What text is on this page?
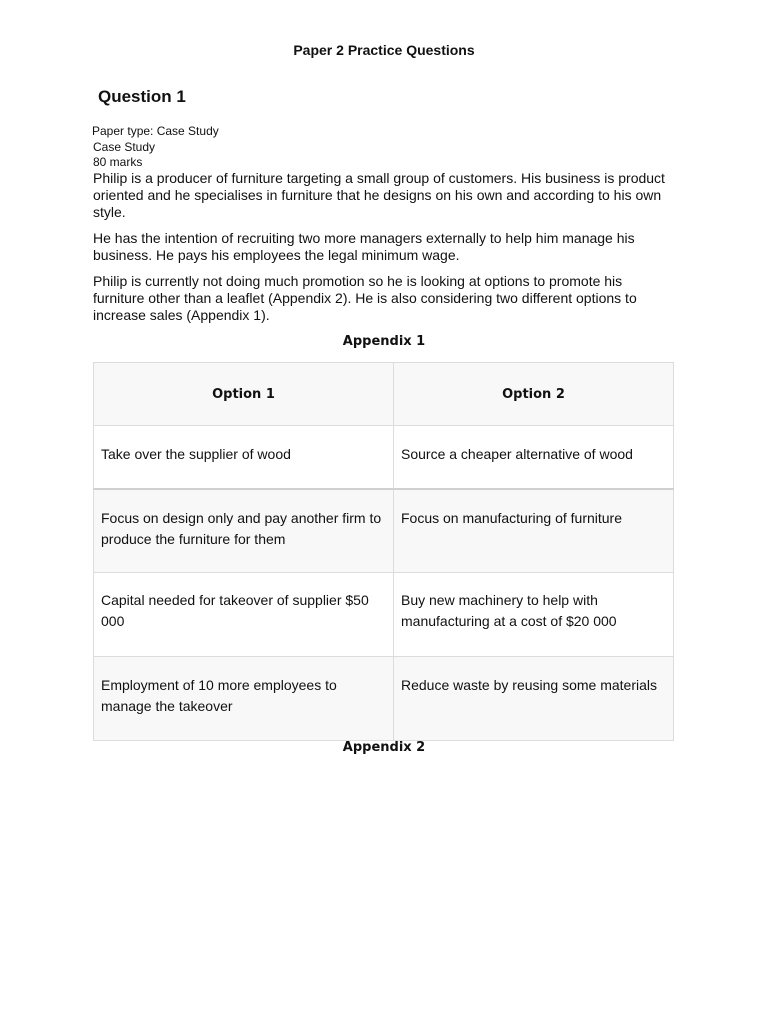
Paper 2 Practice Questions
Question 1
Paper type: Case Study
Case Study
80 marks

Philip is a producer of furniture targeting a small group of customers. His business is product oriented and he specialises in furniture that he designs on his own and according to his own style.

He has the intention of recruiting two more managers externally to help him manage his business. He pays his employees the legal minimum wage.

Philip is currently not doing much promotion so he is looking at options to promote his furniture other than a leaflet (Appendix 2). He is also considering two different options to increase sales (Appendix 1).

Appendix 1
Option 1	Option 2
Take over the supplier of wood	Source a cheaper alternative of wood
Focus on design only and pay another firm to produce the furniture for them	Focus on manufacturing of furniture
Capital needed for takeover of supplier $50 000	Buy new machinery to help with manufacturing at a cost of $20 000
Employment of 10 more employees to manage the takeover	Reduce waste by reusing some materials
Appendix 2
